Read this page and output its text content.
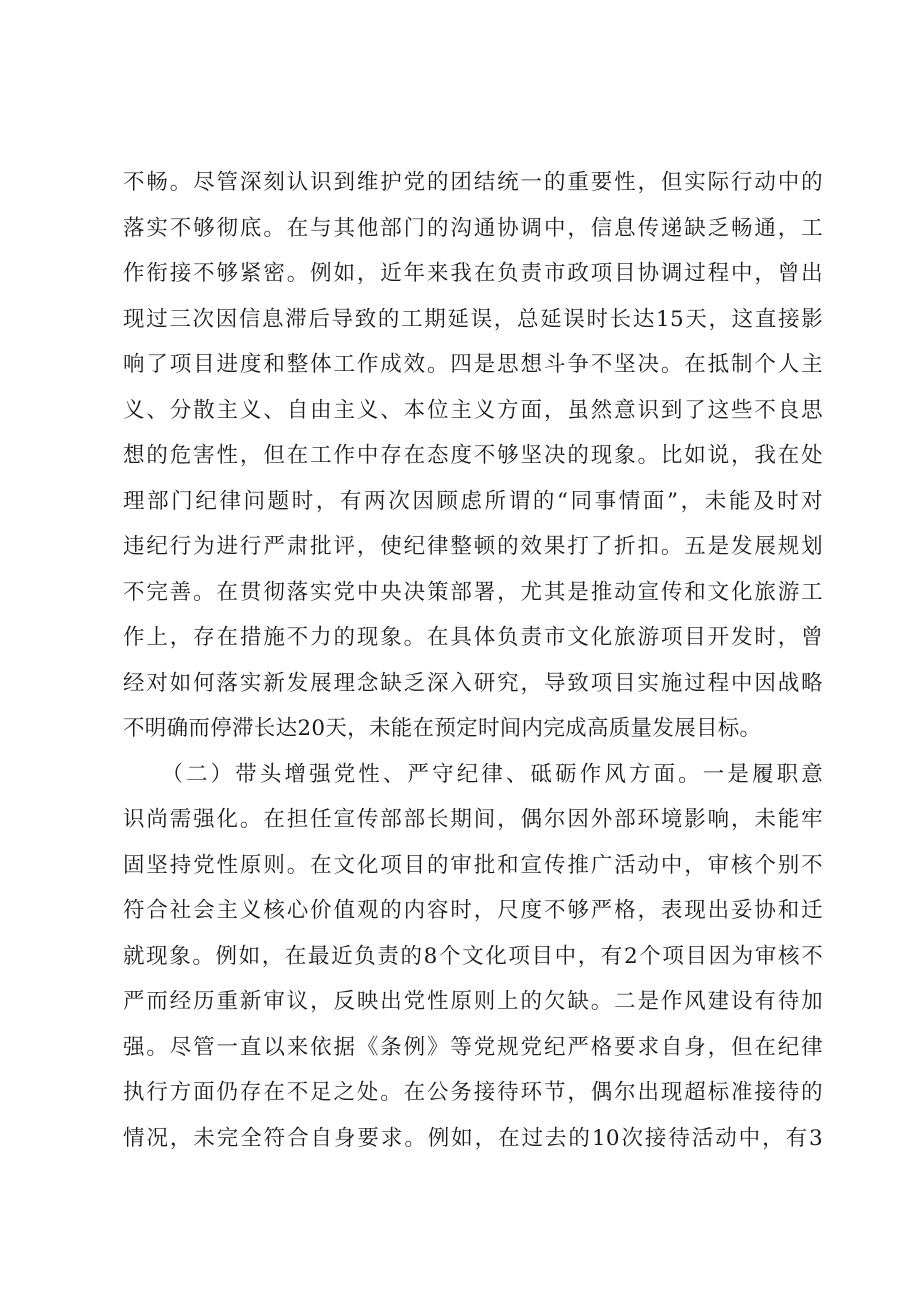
不畅。尽管深刻认识到维护党的团结统一的重要性，但实际行动中的
落实不够彻底。在与其他部门的沟通协调中，信息传递缺乏畅通，工
作衔接不够紧密。例如，近年来我在负责市政项目协调过程中，曾出
现过三次因信息滞后导致的工期延误，总延误时长达15天，这直接影
响了项目进度和整体工作成效。四是思想斗争不坚决。在抵制个人主
义、分散主义、自由主义、本位主义方面，虽然意识到了这些不良思
想的危害性，但在工作中存在态度不够坚决的现象。比如说，我在处
理部门纪律问题时，有两次因顾虑所谓的“同事情面”，未能及时对
违纪行为进行严肃批评，使纪律整顿的效果打了折扣。五是发展规划
不完善。在贯彻落实党中央决策部署，尤其是推动宣传和文化旅游工
作上，存在措施不力的现象。在具体负责市文化旅游项目开发时，曾
经对如何落实新发展理念缺乏深入研究，导致项目实施过程中因战略
不明确而停滞长达20天，未能在预定时间内完成高质量发展目标。
　　（二）带头增强党性、严守纪律、砥砺作风方面。一是履职意
识尚需强化。在担任宣传部部长期间，偶尔因外部环境影响，未能牢
固坚持党性原则。在文化项目的审批和宣传推广活动中，审核个别不
符合社会主义核心价值观的内容时，尺度不够严格，表现出妥协和迁
就现象。例如，在最近负责的8个文化项目中，有2个项目因为审核不
严而经历重新审议，反映出党性原则上的欠缺。二是作风建设有待加
强。尽管一直以来依据《条例》等党规党纪严格要求自身，但在纪律
执行方面仍存在不足之处。在公务接待环节，偶尔出现超标准接待的
情况，未完全符合自身要求。例如，在过去的10次接待活动中，有3
